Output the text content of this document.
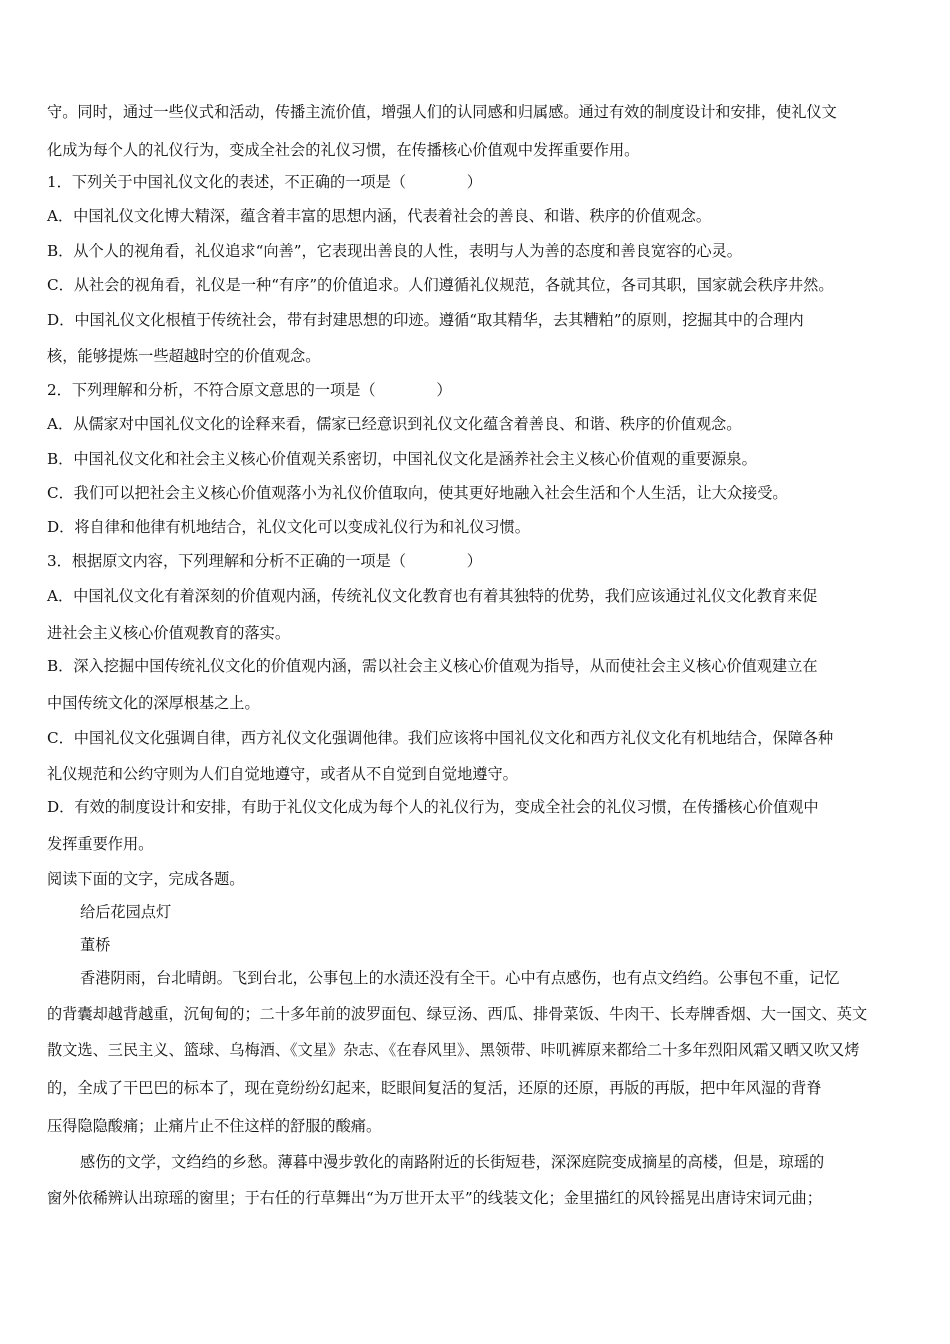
守。同时，通过一些仪式和活动，传播主流价值，增强人们的认同感和归属感。通过有效的制度设计和安排，使礼仪文
化成为每个人的礼仪行为，变成全社会的礼仪习惯，在传播核心价值观中发挥重要作用。
1．下列关于中国礼仪文化的表述，不正确的一项是（　　　　）
A．中国礼仪文化博大精深，蕴含着丰富的思想内涵，代表着社会的善良、和谐、秩序的价值观念。
B．从个人的视角看，礼仪追求“向善”，它表现出善良的人性，表明与人为善的态度和善良宽容的心灵。
C．从社会的视角看，礼仪是一种“有序”的价值追求。人们遵循礼仪规范，各就其位，各司其职，国家就会秩序井然。
D．中国礼仪文化根植于传统社会，带有封建思想的印迹。遵循“取其精华，去其糟粕”的原则，挖掘其中的合理内
核，能够提炼一些超越时空的价值观念。
2．下列理解和分析，不符合原文意思的一项是（　　　　）
A．从儒家对中国礼仪文化的诠释来看，儒家已经意识到礼仪文化蕴含着善良、和谐、秩序的价值观念。
B．中国礼仪文化和社会主义核心价值观关系密切，中国礼仪文化是涵养社会主义核心价值观的重要源泉。
C．我们可以把社会主义核心价值观落小为礼仪价值取向，使其更好地融入社会生活和个人生活，让大众接受。
D．将自律和他律有机地结合，礼仪文化可以变成礼仪行为和礼仪习惯。
3．根据原文内容，下列理解和分析不正确的一项是（　　　　）
A．中国礼仪文化有着深刻的价值观内涵，传统礼仪文化教育也有着其独特的优势，我们应该通过礼仪文化教育来促
进社会主义核心价值观教育的落实。
B．深入挖掘中国传统礼仪文化的价值观内涵，需以社会主义核心价值观为指导，从而使社会主义核心价值观建立在
中国传统文化的深厚根基之上。
C．中国礼仪文化强调自律，西方礼仪文化强调他律。我们应该将中国礼仪文化和西方礼仪文化有机地结合，保障各种
礼仪规范和公约守则为人们自觉地遵守，或者从不自觉到自觉地遵守。
D．有效的制度设计和安排，有助于礼仪文化成为每个人的礼仪行为，变成全社会的礼仪习惯，在传播核心价值观中
发挥重要作用。
阅读下面的文字，完成各题。
给后花园点灯
董桥
香港阴雨，台北晴朗。飞到台北，公事包上的水渍还没有全干。心中有点感伤，也有点文绉绉。公事包不重，记忆
的背囊却越背越重，沉甸甸的；二十多年前的波罗面包、绿豆汤、西瓜、排骨菜饭、牛肉干、长寿牌香烟、大一国文、英文
散文选、三民主义、篮球、乌梅酒、《文星》杂志、《在春风里》、黑领带、咔叽裤原来都给二十多年烈阳风霜又晒又吹又烤
的，全成了干巴巴的标本了，现在竟纷纷幻起来，眨眼间复活的复活，还原的还原，再版的再版，把中年风湿的背脊
压得隐隐酸痛；止痛片止不住这样的舒服的酸痛。
感伤的文学，文绉绉的乡愁。薄暮中漫步敦化的南路附近的长街短巷，深深庭院变成摘星的高楼，但是，琼瑶的
窗外依稀辨认出琼瑶的窗里；于右任的行草舞出“为万世开太平”的线装文化；金里描红的风铃摇晃出唐诗宋词元曲；
